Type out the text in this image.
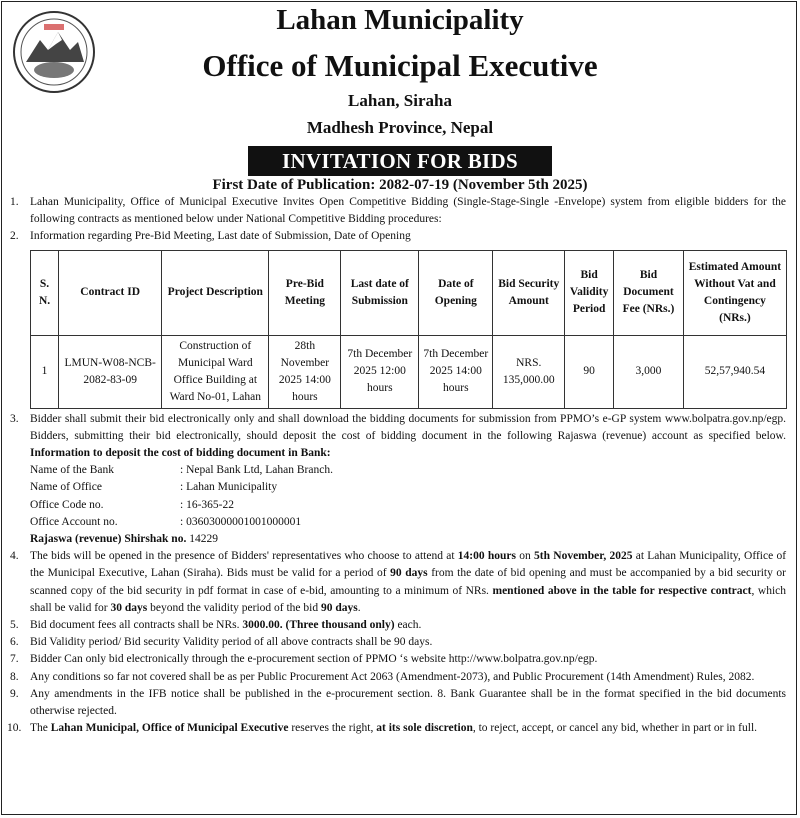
Lahan Municipality
Office of Municipal Executive
Lahan, Siraha
Madhesh Province, Nepal
INVITATION FOR BIDS
First Date of Publication: 2082-07-19 (November 5th 2025)
1. Lahan Municipality, Office of Municipal Executive Invites Open Competitive Bidding (Single-Stage-Single -Envelope) system from eligible bidders for the following contracts as mentioned below under National Competitive Bidding procedures:
2. Information regarding Pre-Bid Meeting, Last date of Submission, Date of Opening
S. N.	Contract ID	Project Description	Pre-Bid Meeting	Last date of Submission	Date of Opening	Bid Security Amount	Bid Validity Period	Bid Document Fee (NRs.)	Estimated Amount Without Vat and Contingency (NRs.)
1	LMUN-W08-NCB-2082-83-09	Construction of Municipal Ward Office Building at Ward No-01, Lahan	28th November 2025 14:00 hours	7th December 2025 12:00 hours	7th December 2025 14:00 hours	NRS. 135,000.00	90	3,000	52,57,940.54
3. Bidder shall submit their bid electronically only and shall download the bidding documents for submission from PPMO’s e-GP system www.bolpatra.gov.np/egp. Bidders, submitting their bid electronically, should deposit the cost of bidding document in the following Rajaswa (revenue) account as specified below. Information to deposit the cost of bidding document in Bank:
Name of the Bank	: Nepal Bank Ltd, Lahan Branch.
Name of Office	: Lahan Municipality
Office Code no.	: 16-365-22
Office Account no.	: 03603000001001000001
Rajaswa (revenue) Shirshak no. 14229
4. The bids will be opened in the presence of Bidders' representatives who choose to attend at 14:00 hours on 5th November, 2025 at Lahan Municipality, Office of the Municipal Executive, Lahan (Siraha). Bids must be valid for a period of 90 days from the date of bid opening and must be accompanied by a bid security or scanned copy of the bid security in pdf format in case of e-bid, amounting to a minimum of NRs. mentioned above in the table for respective contract, which shall be valid for 30 days beyond the validity period of the bid 90 days.
5. Bid document fees all contracts shall be NRs. 3000.00. (Three thousand only) each.
6. Bid Validity period/ Bid security Validity period of all above contracts shall be 90 days.
7. Bidder Can only bid electronically through the e-procurement section of PPMO ‘s website http://www.bolpatra.gov.np/egp.
8. Any conditions so far not covered shall be as per Public Procurement Act 2063 (Amendment-2073), and Public Procurement (14th Amendment) Rules, 2082.
9. Any amendments in the IFB notice shall be published in the e-procurement section. 8. Bank Guarantee shall be in the format specified in the bid documents otherwise rejected.
10. The Lahan Municipal, Office of Municipal Executive reserves the right, at its sole discretion, to reject, accept, or cancel any bid, whether in part or in full.
